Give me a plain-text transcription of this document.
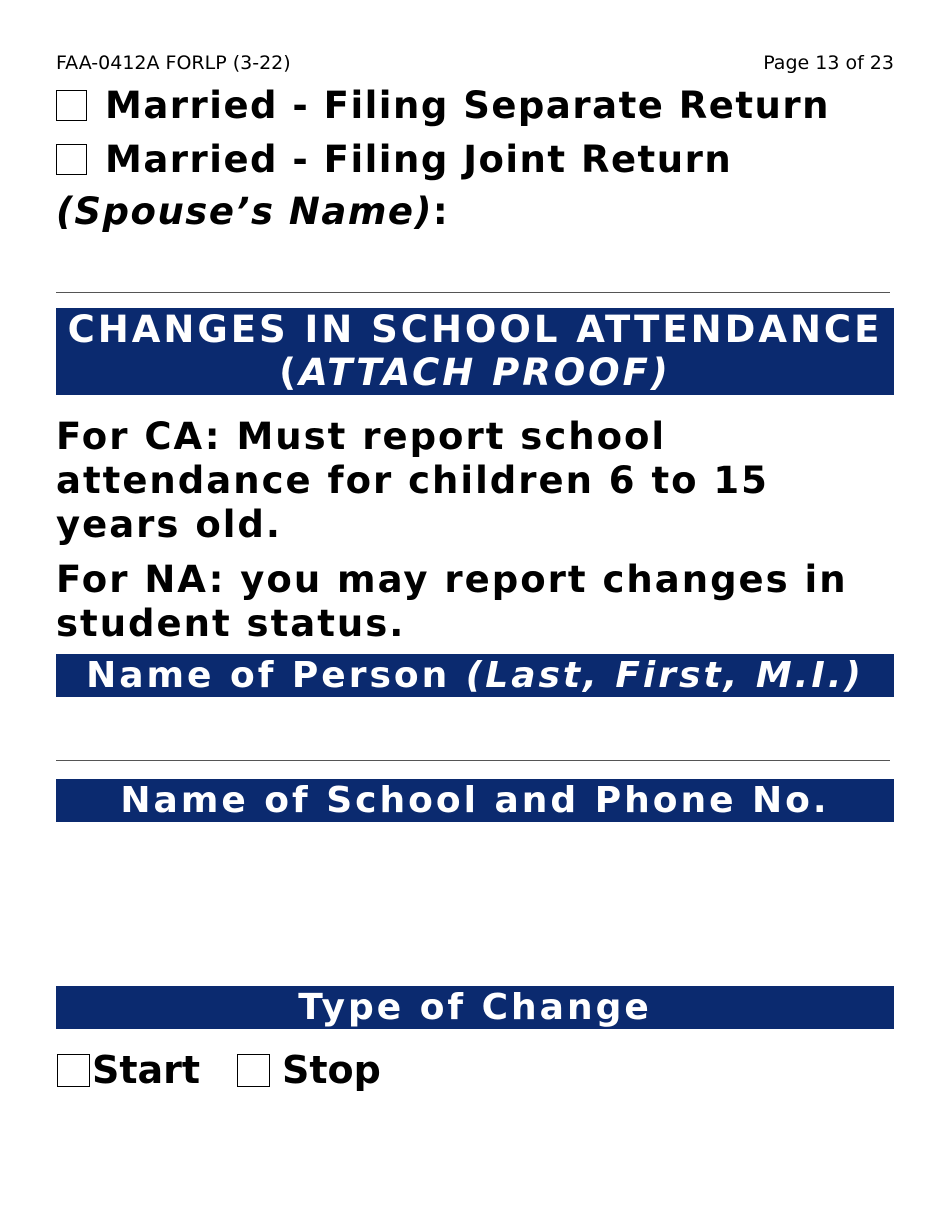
FAA-0412A FORLP (3-22)	Page 13 of 23
Married - Filing Separate Return
Married - Filing Joint Return
(Spouse’s Name):
CHANGES IN SCHOOL ATTENDANCE
(ATTACH PROOF)
For CA: Must report school attendance for children 6 to 15 years old.
For NA: you may report changes in student status.
Name of Person (Last, First, M.I.)
Name of School and Phone No.
Type of Change
Start Stop
